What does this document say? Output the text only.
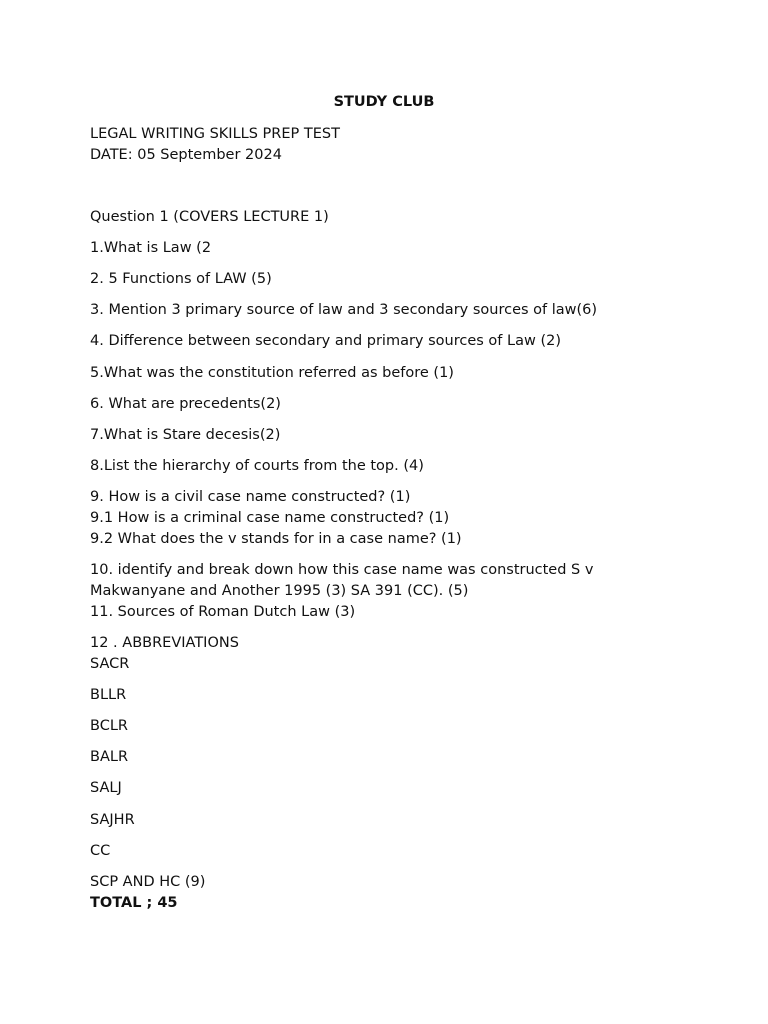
STUDY CLUB
LEGAL WRITING SKILLS PREP TEST
DATE: 05 September 2024
Question 1 (COVERS LECTURE 1)
1.What is Law (2
2. 5 Functions of LAW (5)
3. Mention 3 primary source of law and 3 secondary sources of law(6)
4. Difference between secondary and primary sources of Law (2)
5.What was the constitution referred as before (1)
6. What are precedents(2)
7.What is Stare decesis(2)
8.List the hierarchy of courts from the top. (4)
9. How is a civil case name constructed? (1)
9.1 How is a criminal case name constructed? (1)
9.2 What does the v stands for in a case name? (1)
10. identify and break down how this case name was constructed S v
Makwanyane and Another 1995 (3) SA 391 (CC). (5)
11. Sources of Roman Dutch Law (3)
12 . ABBREVIATIONS
SACR
BLLR
BCLR
BALR
SALJ
SAJHR
CC
SCP AND HC (9)
TOTAL ; 45
